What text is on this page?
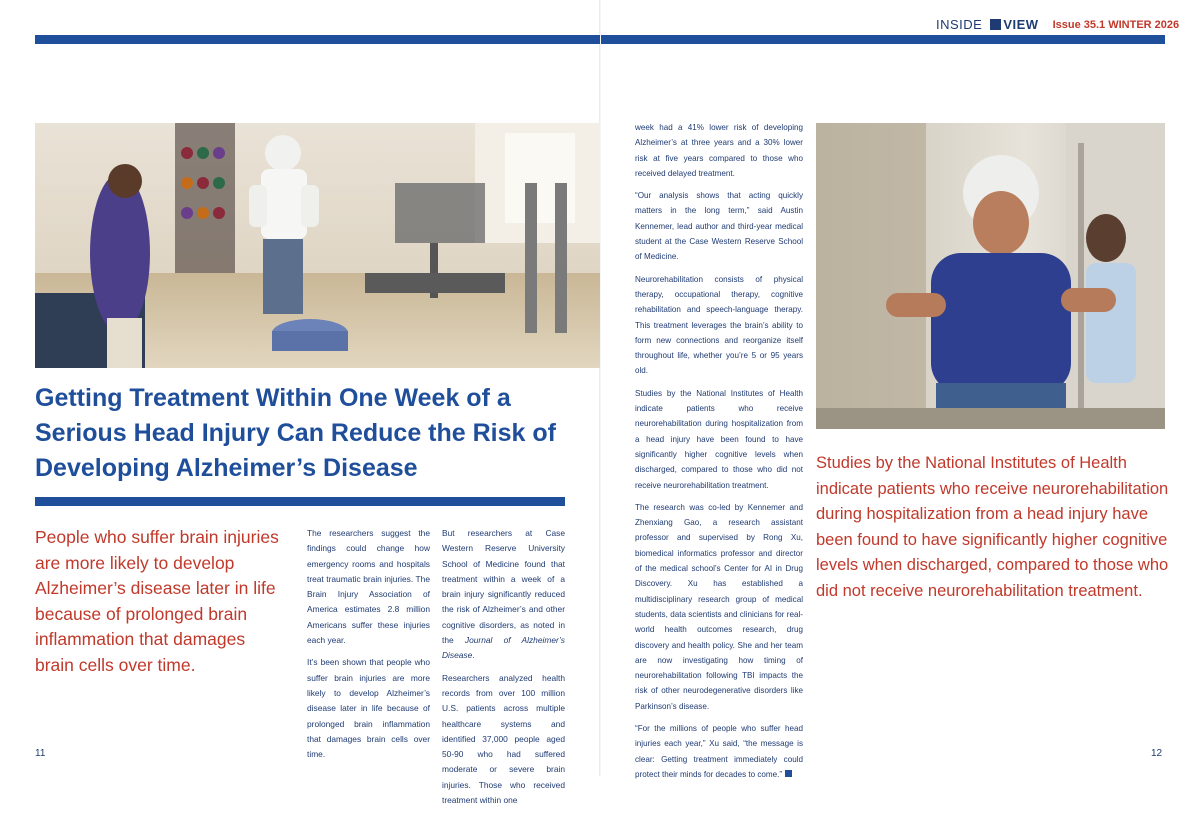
INSIDE VIEW Issue 35.1 WINTER 2026
Getting Treatment Within One Week of a Serious Head Injury Can Reduce the Risk of Developing Alzheimer’s Disease
People who suffer brain injuries are more likely to develop Alzheimer’s disease later in life because of prolonged brain inflammation that damages brain cells over time.

The researchers suggest the findings could change how emergency rooms and hospitals treat traumatic brain injuries. The Brain Injury Association of America estimates 2.8 million Americans suffer these injuries each year.

It’s been shown that people who suffer brain injuries are more likely to develop Alzheimer’s disease later in life because of prolonged brain inflammation that damages brain cells over time.

But researchers at Case Western Reserve University School of Medicine found that treatment within a week of a brain injury significantly reduced the risk of Alzheimer’s and other cognitive disorders, as noted in the Journal of Alzheimer’s Disease.

Researchers analyzed health records from over 100 million U.S. patients across multiple healthcare systems and identified 37,000 people aged 50-90 who had suffered moderate or severe brain injuries. Those who received treatment within one

week had a 41% lower risk of developing Alzheimer’s at three years and a 30% lower risk at five years compared to those who received delayed treatment.

“Our analysis shows that acting quickly matters in the long term,” said Austin Kennemer, lead author and third-year medical student at the Case Western Reserve School of Medicine.

Neurorehabilitation consists of physical therapy, occupational therapy, cognitive rehabilitation and speech-language therapy. This treatment leverages the brain’s ability to form new connections and reorganize itself throughout life, whether you’re 5 or 95 years old.

Studies by the National Institutes of Health indicate patients who receive neurorehabilitation during hospitalization from a head injury have been found to have significantly higher cognitive levels when discharged, compared to those who did not receive neurorehabilitation treatment.

The research was co-led by Kennemer and Zhenxiang Gao, a research assistant professor and supervised by Rong Xu, biomedical informatics professor and director of the medical school’s Center for AI in Drug Discovery. Xu has established a multidisciplinary research group of medical students, data scientists and clinicians for real-world health outcomes research, drug discovery and health policy. She and her team are now investigating how timing of neurorehabilitation following TBI impacts the risk of other neurodegenerative disorders like Parkinson’s disease.

“For the millions of people who suffer head injuries each year,” Xu said, “the message is clear: Getting treatment immediately could protect their minds for decades to come.”

Studies by the National Institutes of Health indicate patients who receive neurorehabilitation during hospitalization from a head injury have been found to have significantly higher cognitive levels when discharged, compared to those who did not receive neurorehabilitation treatment.
11	12
